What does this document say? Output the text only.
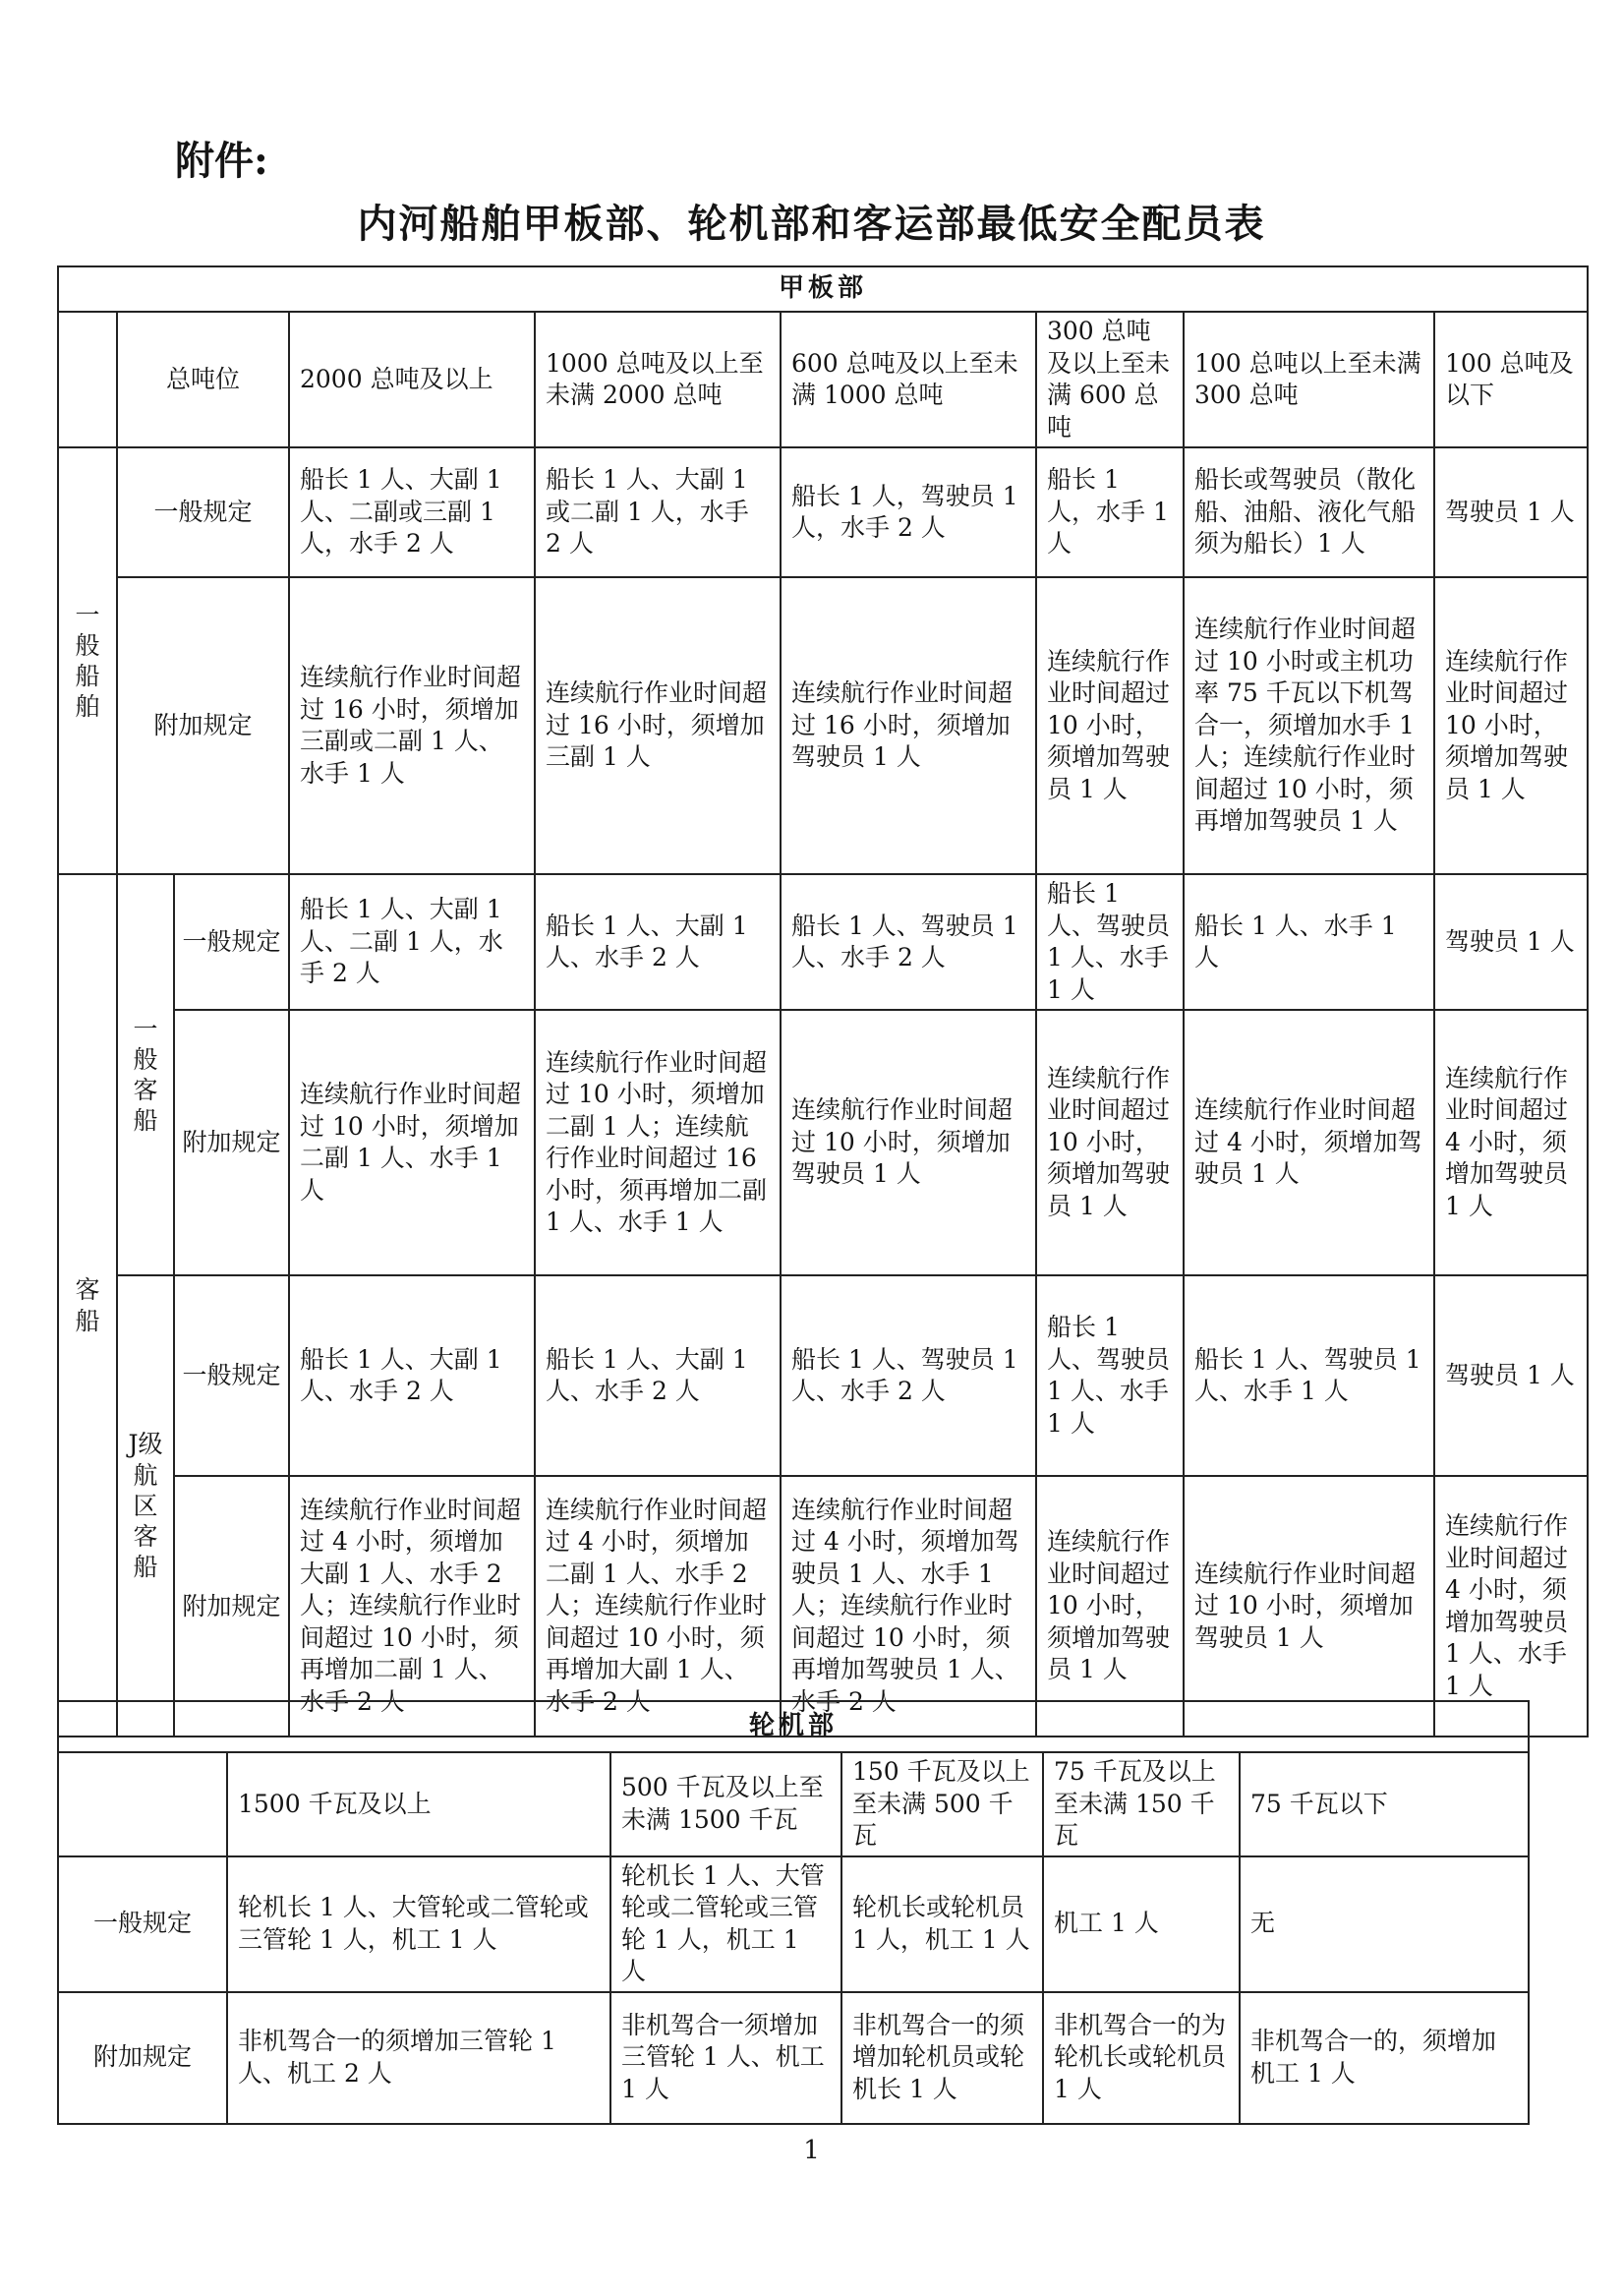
附件:
内河船舶甲板部、轮机部和客运部最低安全配员表
甲板部								
	总吨位		2000 总吨及以上	1000 总吨及以上至未满 2000 总吨	600 总吨及以上至未满 1000 总吨	300 总吨及以上至未满 600 总吨	100 总吨以上至未满 300 总吨	100 总吨及以下
一般船舶	一般规定		船长 1 人、大副 1 人、二副或三副 1 人，水手 2 人	船长 1 人、大副 1 或二副 1 人，水手 2 人	船长 1 人，驾驶员 1 人，水手 2 人	船长 1 人，水手 1 人	船长或驾驶员（散化船、油船、液化气船须为船长）1 人	驾驶员 1 人
	附加规定		连续航行作业时间超过 16 小时，须增加三副或二副 1 人、水手 1 人	连续航行作业时间超过 16 小时，须增加三副 1 人	连续航行作业时间超过 16 小时，须增加驾驶员 1 人	连续航行作业时间超过 10 小时，须增加驾驶员 1 人	连续航行作业时间超过 10 小时或主机功率 75 千瓦以下机驾合一，须增加水手 1 人；连续航行作业时间超过 10 小时，须再增加驾驶员 1 人	连续航行作业时间超过 10 小时，须增加驾驶员 1 人
客船	一般客船	一般规定	船长 1 人、大副 1 人、二副 1 人，水手 2 人	船长 1 人、大副 1 人、水手 2 人	船长 1 人、驾驶员 1 人、水手 2 人	船长 1 人、驾驶员 1 人、水手 1 人	船长 1 人、水手 1 人	驾驶员 1 人
		附加规定	连续航行作业时间超过 10 小时，须增加二副 1 人、水手 1 人	连续航行作业时间超过 10 小时，须增加二副 1 人；连续航行作业时间超过 16 小时，须再增加二副 1 人、水手 1 人	连续航行作业时间超过 10 小时，须增加驾驶员 1 人	连续航行作业时间超过 10 小时，须增加驾驶员 1 人	连续航行作业时间超过 4 小时，须增加驾驶员 1 人	连续航行作业时间超过 4 小时，须增加驾驶员 1 人
	J级航区客船	一般规定	船长 1 人、大副 1 人、水手 2 人	船长 1 人、大副 1 人、水手 2 人	船长 1 人、驾驶员 1 人、水手 2 人	船长 1 人、驾驶员 1 人、水手 1 人	船长 1 人、驾驶员 1 人、水手 1 人	驾驶员 1 人
		附加规定	连续航行作业时间超过 4 小时，须增加大副 1 人、水手 2 人；连续航行作业时间超过 10 小时，须再增加二副 1 人、水手 2 人	连续航行作业时间超过 4 小时，须增加二副 1 人、水手 2 人；连续航行作业时间超过 10 小时，须再增加大副 1 人、水手 2 人	连续航行作业时间超过 4 小时，须增加驾驶员 1 人、水手 1 人；连续航行作业时间超过 10 小时，须再增加驾驶员 1 人、水手 2 人	连续航行作业时间超过 10 小时，须增加驾驶员 1 人	连续航行作业时间超过 10 小时，须增加驾驶员 1 人	连续航行作业时间超过 4 小时，须增加驾驶员 1 人、水手 1 人
轮机部					
	1500 千瓦及以上	500 千瓦及以上至未满 1500 千瓦	150 千瓦及以上至未满 500 千瓦	75 千瓦及以上至未满 150 千瓦	75 千瓦以下
一般规定	轮机长 1 人、大管轮或二管轮或三管轮 1 人，机工 1 人	轮机长 1 人、大管轮或二管轮或三管轮 1 人，机工 1 人	轮机长或轮机员 1 人，机工 1 人	机工 1 人	无
附加规定	非机驾合一的须增加三管轮 1 人、机工 2 人	非机驾合一须增加三管轮 1 人、机工 1 人	非机驾合一的须增加轮机员或轮机长 1 人	非机驾合一的为轮机长或轮机员 1 人	非机驾合一的，须增加机工 1 人
1
